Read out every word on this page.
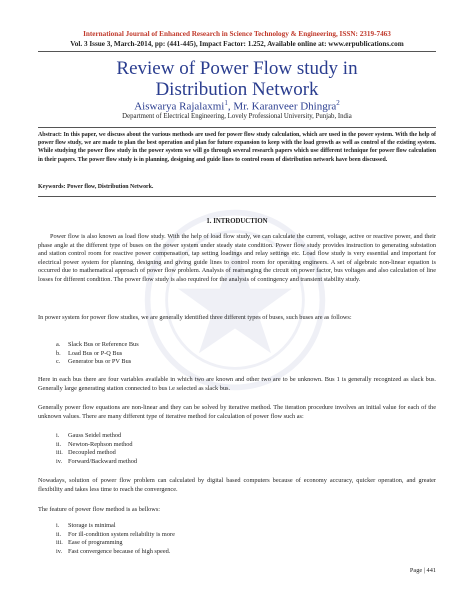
International Journal of Enhanced Research in Science Technology & Engineering, ISSN: 2319-7463
Vol. 3 Issue 3, March-2014, pp: (441-445), Impact Factor: 1.252, Available online at: www.erpublications.com
Review of Power Flow study in
Distribution Network
Aiswarya Rajalaxmi$^1$, Mr. Karanveer Dhingra$^2$
Department of Electrical Engineering, Lovely Professional University, Punjab, India
Abstract: In this paper, we discuss about the various methods are used for power flow study calculation, which are used in the power system. With the help of power flow study, we are made to plan the best operation and plan for future expansion to keep with the load growth as well as control of the existing system. While studying the power flow study in the power system we will go through several research papers which use different technique for power flow calculation in their papers. The power flow study is in planning, designing and guide lines to control room of distribution network have been discussed.
Keywords: Power flow, Distribution Network.
1. INTRODUCTION
Power flow is also known as load flow study. With the help of load flow study, we can calculate the current, voltage, active or reactive power, and their phase angle at the different type of buses on the power system under steady state condition. Power flow study provides instruction to generating substation and station control room for reactive power compensation, tap setting loadings and relay settings etc. Load flow study is very essential and important for electrical power system for planning, designing and giving guide lines to control room for operating engineers. A set of algebraic non-linear equation is occurred due to mathematical approach of power flow problem. Analysis of rearranging the circuit on power factor, bus voltages and also calculation of line losses for different condition. The power flow study is also required for the analysis of contingency and transient stability study.
In power system for power flow studies, we are generally identified three different types of buses, such buses are as follows:
a. Slack Bus or Reference Bus
b. Load Bus or P-Q Bus
c. Generator bus or PV Bus
Here in each bus there are four variables available in which two are known and other two are to be unknown. Bus 1 is generally recognized as slack bus. Generally large generating station connected to bus i.e selected as slack bus.
Generally power flow equations are non-linear and they can be solved by iterative method. The iteration procedure involves an initial value for each of the unknown values. There are many different type of iterative method for calculation of power flow such as:
i. Gauss Seidel method
ii. Newton-Rephson method
iii. Decoupled method
iv. Forward/Backward method
Nowadays, solution of power flow problem can calculated by digital based computers because of economy accuracy, quicker operation, and greater flexibility and takes less time to reach the convergence.
The feature of power flow method is as bellows:
i. Storage is minimal
ii. For ill-condition system reliability is more
iii. Ease of programming
iv. Fast convergence because of high speed.
Page | 441
